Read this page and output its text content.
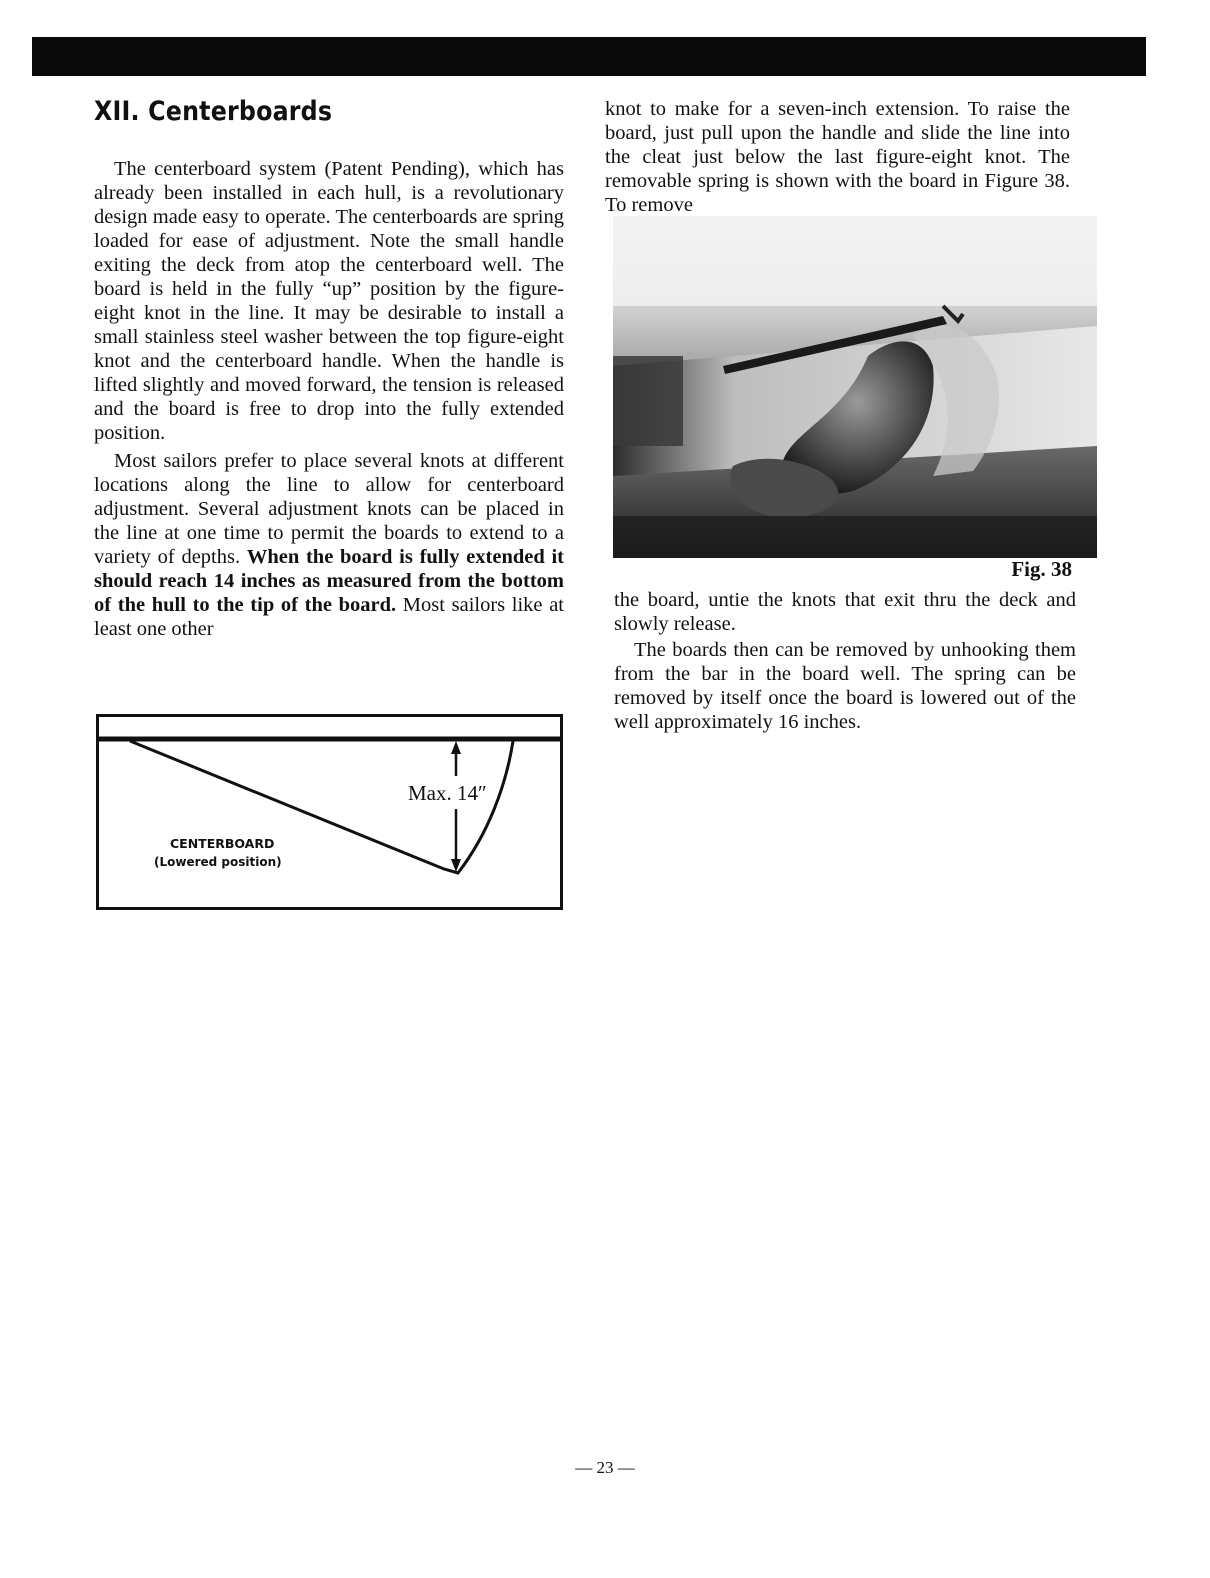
XII. Centerboards

The centerboard system (Patent Pending), which has already been installed in each hull, is a revolutionary design made easy to operate. The centerboards are spring loaded for ease of adjustment. Note the small handle exiting the deck from atop the centerboard well. The board is held in the fully “up” position by the figure-eight knot in the line. It may be desirable to install a small stainless steel washer between the top figure-eight knot and the centerboard handle. When the handle is lifted slightly and moved forward, the tension is released and the board is free to drop into the fully extended position.

Most sailors prefer to place several knots at different locations along the line to allow for centerboard adjustment. Several adjustment knots can be placed in the line at one time to permit the boards to extend to a variety of depths. When the board is fully extended it should reach 14 inches as measured from the bottom of the hull to the tip of the board. Most sailors like at least one other

Max. 14″
CENTERBOARD
(Lowered position)

knot to make for a seven-inch extension. To raise the board, just pull upon the handle and slide the line into the cleat just below the last figure-eight knot. The removable spring is shown with the board in Figure 38. To remove

Fig. 38

the board, untie the knots that exit thru the deck and slowly release.

The boards then can be removed by unhooking them from the bar in the board well. The spring can be removed by itself once the board is lowered out of the well approximately 16 inches.

— 23 —
